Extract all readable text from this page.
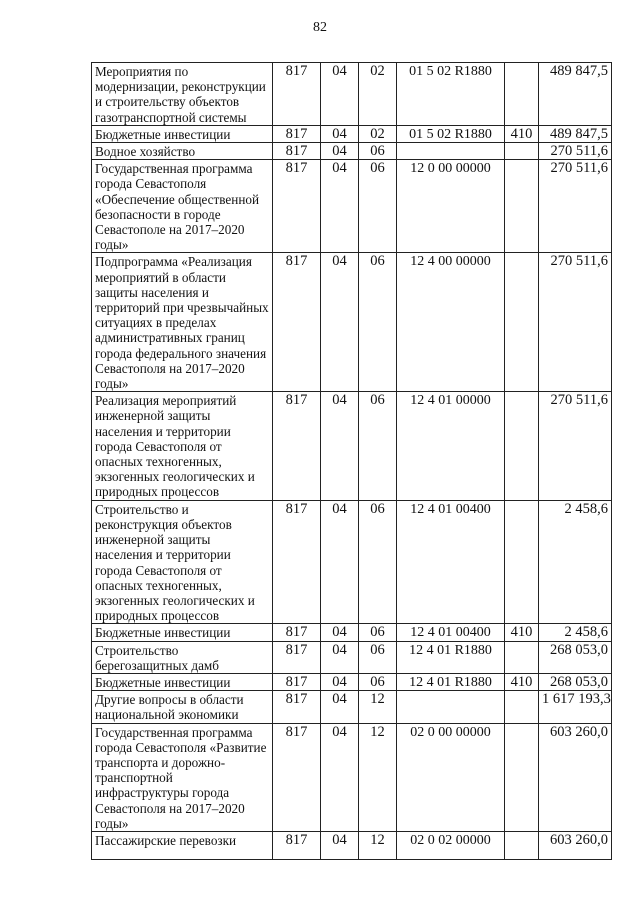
82
Мероприятия по модернизации, реконструкции и строительству объектов газотранспортной системы	817	04	02	01 5 02 R1880		489 847,5
Бюджетные инвестиции	817	04	02	01 5 02 R1880	410	489 847,5
Водное хозяйство	817	04	06			270 511,6
Государственная программа города Севастополя «Обеспечение общественной безопасности в городе Севастополе на 2017–2020 годы»	817	04	06	12 0 00 00000		270 511,6
Подпрограмма «Реализация мероприятий в области защиты населения и территорий при чрезвычайных ситуациях в пределах административных границ города федерального значения Севастополя на 2017–2020 годы»	817	04	06	12 4 00 00000		270 511,6
Реализация мероприятий инженерной защиты населения и территории города Севастополя от опасных техногенных, экзогенных геологических и природных процессов	817	04	06	12 4 01 00000		270 511,6
Строительство и реконструкция объектов инженерной защиты населения и территории города Севастополя от опасных техногенных, экзогенных геологических и природных процессов	817	04	06	12 4 01 00400		2 458,6
Бюджетные инвестиции	817	04	06	12 4 01 00400	410	2 458,6
Строительство берегозащитных дамб	817	04	06	12 4 01 R1880		268 053,0
Бюджетные инвестиции	817	04	06	12 4 01 R1880	410	268 053,0
Другие вопросы в области национальной экономики	817	04	12			1 617 193,3
Государственная программа города Севастополя «Развитие транспорта и дорожно-транспортной инфраструктуры города Севастополя на 2017–2020 годы»	817	04	12	02 0 00 00000		603 260,0
Пассажирские перевозки	817	04	12	02 0 02 00000		603 260,0
